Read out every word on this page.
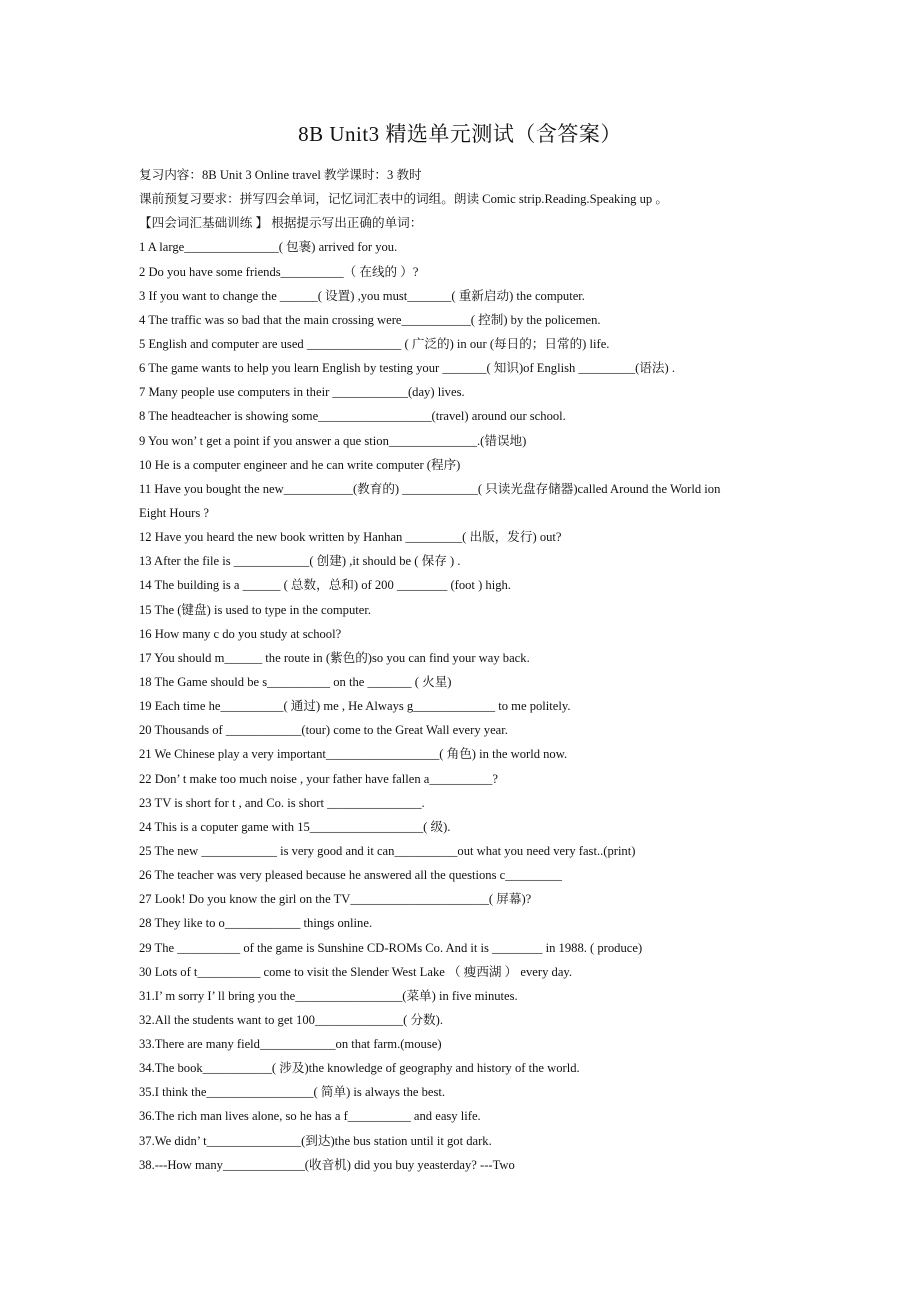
8B Unit3 精选单元测试（含答案）
复习内容：8B Unit 3 Online travel 教学课时：3 教时
课前预复习要求：拼写四会单词，记忆词汇表中的词组。朗读 Comic strip.Reading.Speaking up 。
【四会词汇基础训练 】 根据提示写出正确的单词：
1 A large_______________( 包裹) arrived for you.
2 Do you have some friends__________（ 在线的 ）?
3 If you want to change the ______( 设置) ,you must_______( 重新启动) the computer.
4 The traffic was so bad that the main crossing were___________( 控制) by the policemen.
5 English and computer are used _______________ ( 广泛的) in our (每日的；日常的) life.
6 The game wants to help you learn English by testing your _______( 知识)of English _________(语法) .
7 Many people use computers in their ____________(day) lives.
8 The headteacher is showing some__________________(travel) around our school.
9 You won’ t get a point if you answer a que stion______________.(错误地)
10 He is a computer engineer and he can write computer (程序)
11 Have you bought the new___________(教育的) ____________( 只读光盘存储器)called Around the World ion
Eight Hours ?
12 Have you heard the new book written by Hanhan _________( 出版，发行) out?
13 After the file is ____________( 创建) ,it should be ( 保存 ) .
14 The building is a ______ ( 总数，总和) of 200 ________ (foot ) high.
15 The (键盘) is used to type in the computer.
16 How many c do you study at school?
17 You should m______ the route in (紫色的)so you can find your way back.
18 The Game should be s__________ on the _______ ( 火星)
19 Each time he__________( 通过) me , He Always g_____________ to me politely.
20 Thousands of ____________(tour) come to the Great Wall every year.
21 We Chinese play a very important__________________( 角色) in the world now.
22 Don’ t make too much noise , your father have fallen a__________?
23 TV is short for t , and Co. is short _______________.
24 This is a coputer game with 15__________________( 级).
25 The new ____________ is very good and it can__________out what you need very fast..(print)
26 The teacher was very pleased because he answered all the questions c_________
27 Look! Do you know the girl on the TV______________________( 屏幕)?
28 They like to o____________ things online.
29 The __________ of the game is Sunshine CD-ROMs Co. And it is ________ in 1988. ( produce)
30 Lots of t__________ come to visit the Slender West Lake （ 瘦西湖 ） every day.
31.I’ m sorry I’ ll bring you the_________________(菜单) in five minutes.
32.All the students want to get 100______________( 分数).
33.There are many field____________on that farm.(mouse)
34.The book___________( 涉及)the knowledge of geography and history of the world.
35.I think the_________________( 简单) is always the best.
36.The rich man lives alone, so he has a f__________ and easy life.
37.We didn’ t_______________(到达)the bus station until it got dark.
38.---How many_____________(收音机) did you buy yeasterday? ---Two
